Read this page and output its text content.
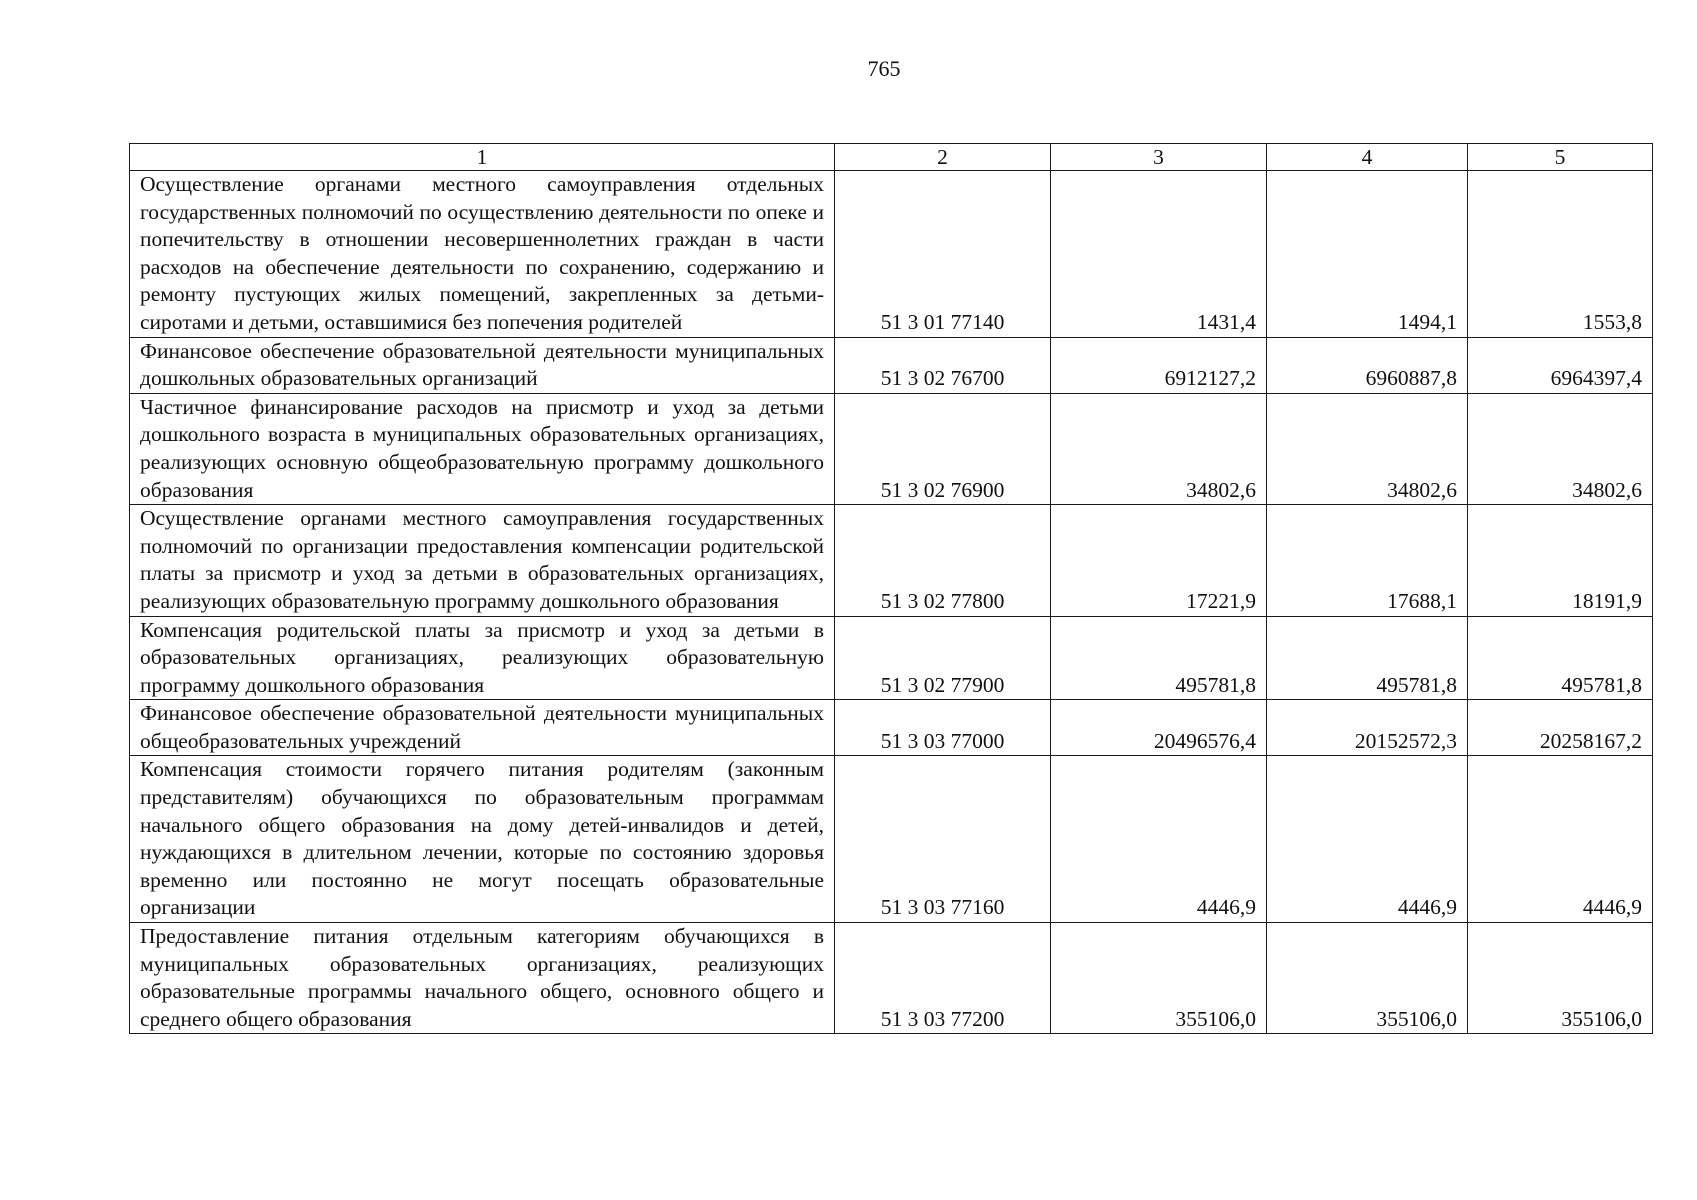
765
1	2	3	4	5
Осуществление органами местного самоуправления отдельных государственных полномочий по осуществлению деятельности по опеке и попечительству в отношении несовершеннолетних граждан в части расходов на обеспечение деятельности по сохранению, содержанию и ремонту пустующих жилых помещений, закрепленных за детьми-сиротами и детьми, оставшимися без попечения родителей	51 3 01 77140	1431,4	1494,1	1553,8
Финансовое обеспечение образовательной деятельности муниципальных дошкольных образовательных организаций	51 3 02 76700	6912127,2	6960887,8	6964397,4
Частичное финансирование расходов на присмотр и уход за детьми дошкольного возраста в муниципальных образовательных организациях, реализующих основную общеобразовательную программу дошкольного образования	51 3 02 76900	34802,6	34802,6	34802,6
Осуществление органами местного самоуправления государственных полномочий по организации предоставления компенсации родительской платы за присмотр и уход за детьми в образовательных организациях, реализующих образовательную программу дошкольного образования	51 3 02 77800	17221,9	17688,1	18191,9
Компенсация родительской платы за присмотр и уход за детьми в образовательных организациях, реализующих образовательную программу дошкольного образования	51 3 02 77900	495781,8	495781,8	495781,8
Финансовое обеспечение образовательной деятельности муниципальных общеобразовательных учреждений	51 3 03 77000	20496576,4	20152572,3	20258167,2
Компенсация стоимости горячего питания родителям (законным представителям) обучающихся по образовательным программам начального общего образования на дому детей-инвалидов и детей, нуждающихся в длительном лечении, которые по состоянию здоровья временно или постоянно не могут посещать образовательные организации	51 3 03 77160	4446,9	4446,9	4446,9
Предоставление питания отдельным категориям обучающихся в муниципальных образовательных организациях, реализующих образовательные программы начального общего, основного общего и среднего общего образования	51 3 03 77200	355106,0	355106,0	355106,0
